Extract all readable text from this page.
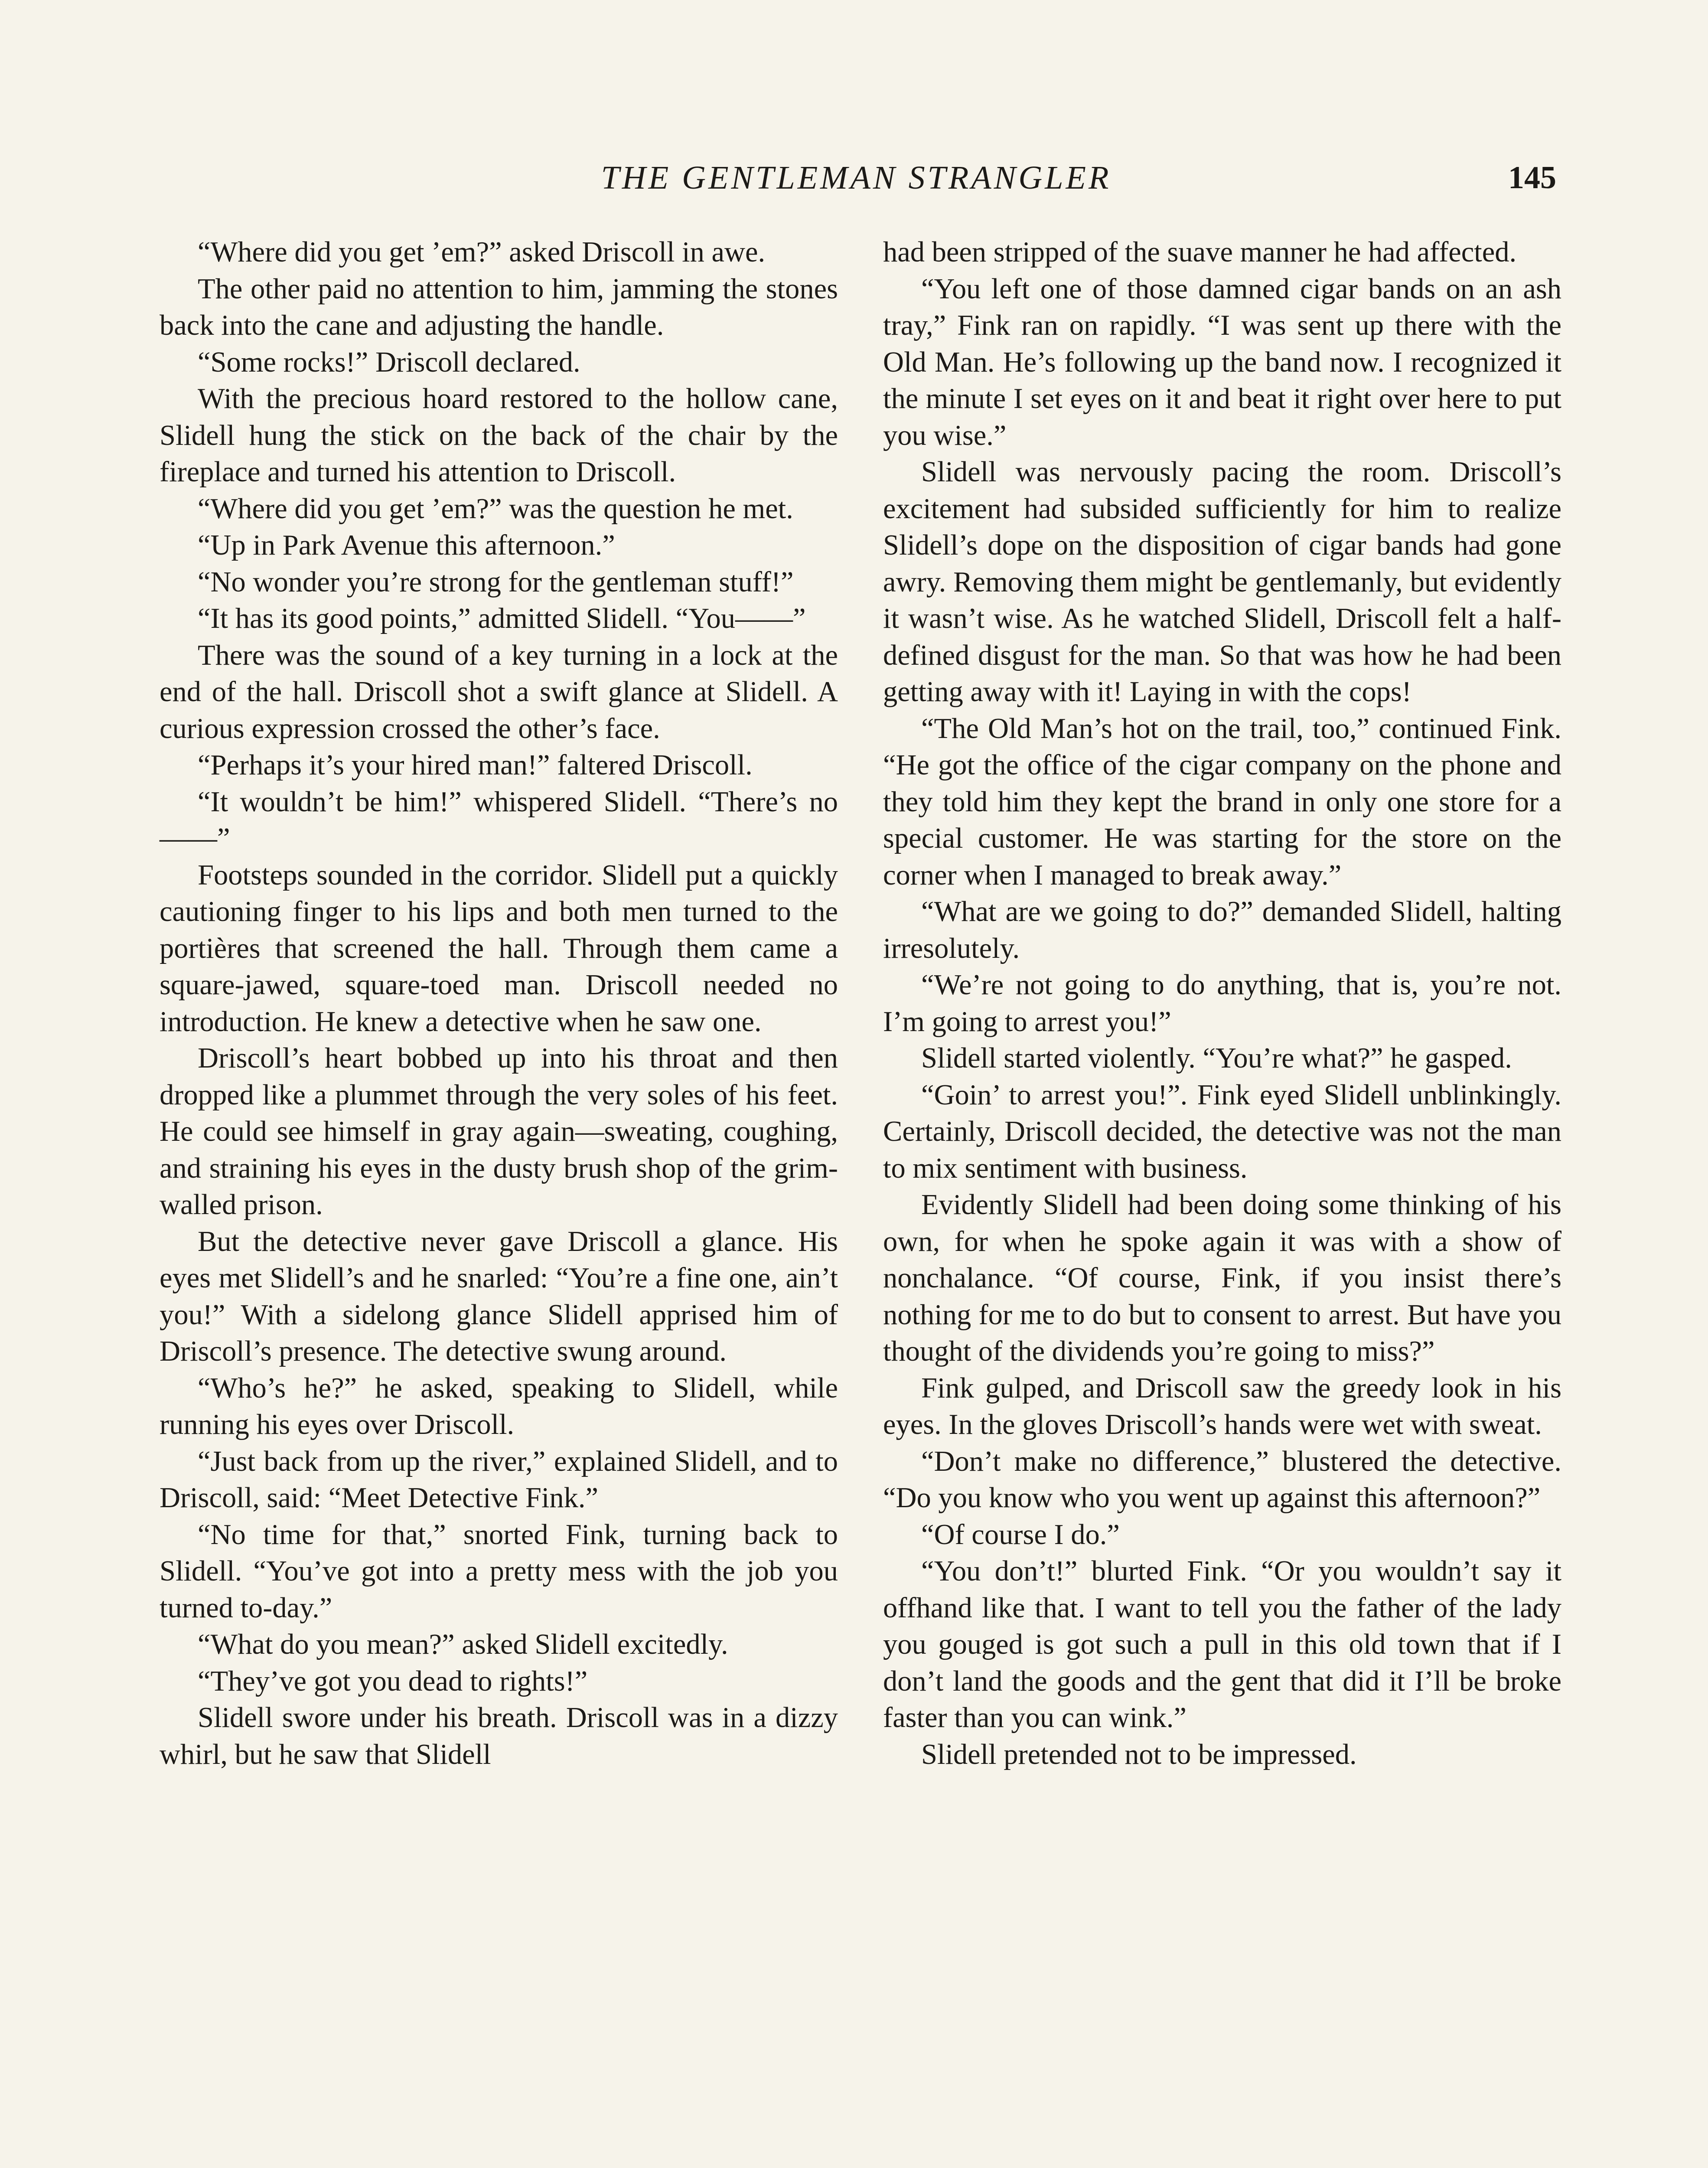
THE GENTLEMAN STRANGLER	145

“Where did you get ’em?” asked Driscoll in awe.

The other paid no attention to him, jamming the stones back into the cane and adjusting the handle.

“Some rocks!” Driscoll declared.

With the precious hoard restored to the hollow cane, Slidell hung the stick on the back of the chair by the fireplace and turned his attention to Driscoll.

“Where did you get ’em?” was the question he met.

“Up in Park Avenue this afternoon.”

“No wonder you’re strong for the gentleman stuff!”

“It has its good points,” admitted Slidell. “You——”

There was the sound of a key turning in a lock at the end of the hall. Driscoll shot a swift glance at Slidell. A curious expression crossed the other’s face.

“Perhaps it’s your hired man!” faltered Driscoll.

“It wouldn’t be him!” whispered Slidell. “There’s no——”

Footsteps sounded in the corridor. Slidell put a quickly cautioning finger to his lips and both men turned to the portières that screened the hall. Through them came a square-jawed, square-toed man. Driscoll needed no introduction. He knew a detective when he saw one.

Driscoll’s heart bobbed up into his throat and then dropped like a plummet through the very soles of his feet. He could see himself in gray again—sweating, coughing, and straining his eyes in the dusty brush shop of the grim-walled prison.

But the detective never gave Driscoll a glance. His eyes met Slidell’s and he snarled: “You’re a fine one, ain’t you!” With a sidelong glance Slidell apprised him of Driscoll’s presence. The detective swung around.

“Who’s he?” he asked, speaking to Slidell, while running his eyes over Driscoll.

“Just back from up the river,” explained Slidell, and to Driscoll, said: “Meet Detective Fink.”

“No time for that,” snorted Fink, turning back to Slidell. “You’ve got into a pretty mess with the job you turned to-day.”

“What do you mean?” asked Slidell excitedly.

“They’ve got you dead to rights!”

Slidell swore under his breath. Driscoll was in a dizzy whirl, but he saw that Slidell

had been stripped of the suave manner he had affected.

“You left one of those damned cigar bands on an ash tray,” Fink ran on rapidly. “I was sent up there with the Old Man. He’s following up the band now. I recognized it the minute I set eyes on it and beat it right over here to put you wise.”

Slidell was nervously pacing the room. Driscoll’s excitement had subsided sufficiently for him to realize Slidell’s dope on the disposition of cigar bands had gone awry. Removing them might be gentlemanly, but evidently it wasn’t wise. As he watched Slidell, Driscoll felt a half-defined disgust for the man. So that was how he had been getting away with it! Laying in with the cops!

“The Old Man’s hot on the trail, too,” continued Fink. “He got the office of the cigar company on the phone and they told him they kept the brand in only one store for a special customer. He was starting for the store on the corner when I managed to break away.”

“What are we going to do?” demanded Slidell, halting irresolutely.

“We’re not going to do anything, that is, you’re not. I’m going to arrest you!”

Slidell started violently. “You’re what?” he gasped.

“Goin’ to arrest you!”. Fink eyed Slidell unblinkingly. Certainly, Driscoll decided, the detective was not the man to mix sentiment with business.

Evidently Slidell had been doing some thinking of his own, for when he spoke again it was with a show of nonchalance. “Of course, Fink, if you insist there’s nothing for me to do but to consent to arrest. But have you thought of the dividends you’re going to miss?”

Fink gulped, and Driscoll saw the greedy look in his eyes. In the gloves Driscoll’s hands were wet with sweat.

“Don’t make no difference,” blustered the detective. “Do you know who you went up against this afternoon?”

“Of course I do.”

“You don’t!” blurted Fink. “Or you wouldn’t say it offhand like that. I want to tell you the father of the lady you gouged is got such a pull in this old town that if I don’t land the goods and the gent that did it I’ll be broke faster than you can wink.”

Slidell pretended not to be impressed.
